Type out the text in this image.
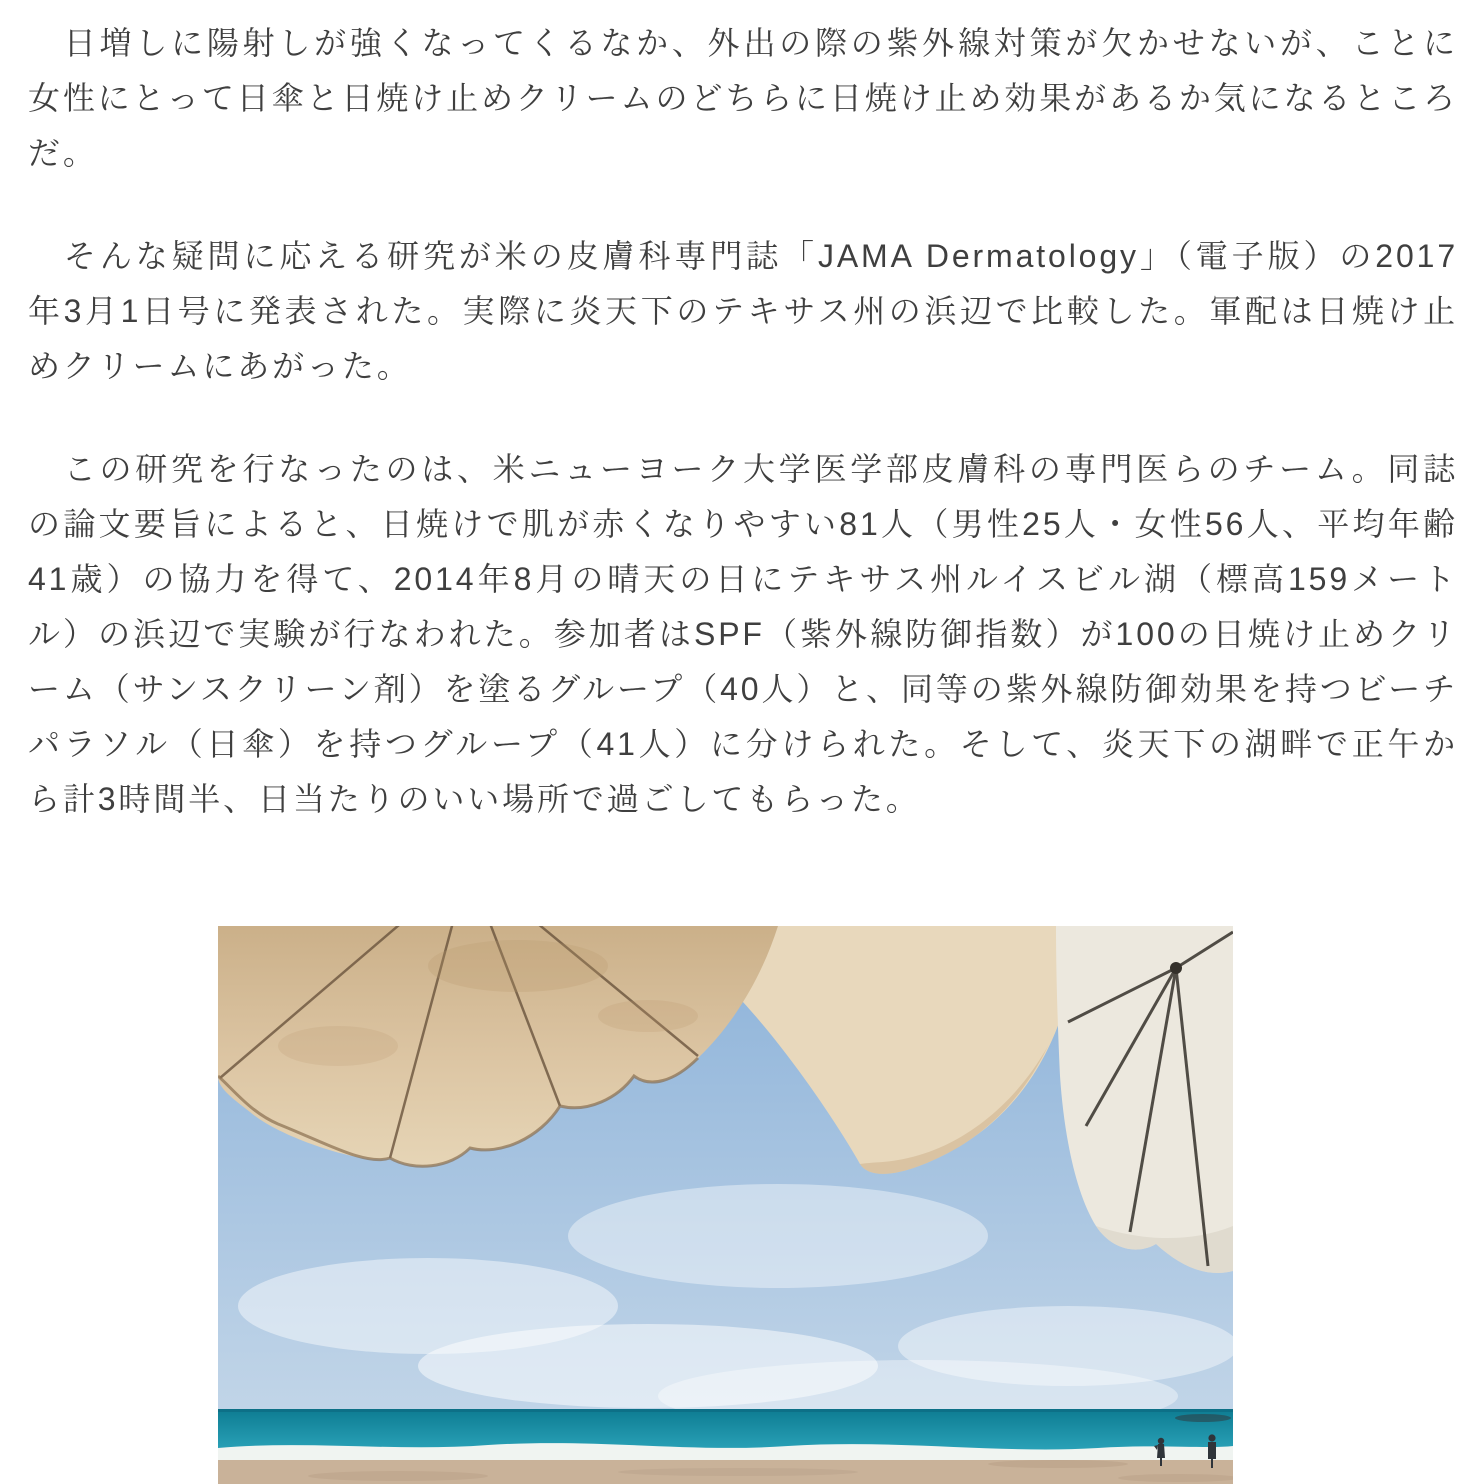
　日増しに陽射しが強くなってくるなか、外出の際の紫外線対策が欠かせないが、ことに女性にとって日傘と日焼け止めクリームのどちらに日焼け止め効果があるか気になるところだ。

　そんな疑問に応える研究が米の皮膚科専門誌「JAMA Dermatology」（電子版）の2017年3月1日号に発表された。実際に炎天下のテキサス州の浜辺で比較した。軍配は日焼け止めクリームにあがった。

　この研究を行なったのは、米ニューヨーク大学医学部皮膚科の専門医らのチーム。同誌の論文要旨によると、日焼けで肌が赤くなりやすい81人（男性25人・女性56人、平均年齢41歳）の協力を得て、2014年8月の晴天の日にテキサス州ルイスビル湖（標高159メートル）の浜辺で実験が行なわれた。参加者はSPF（紫外線防御指数）が100の日焼け止めクリーム（サンスクリーン剤）を塗るグループ（40人）と、同等の紫外線防御効果を持つビーチパラソル（日傘）を持つグループ（41人）に分けられた。そして、炎天下の湖畔で正午から計3時間半、日当たりのいい場所で過ごしてもらった。
